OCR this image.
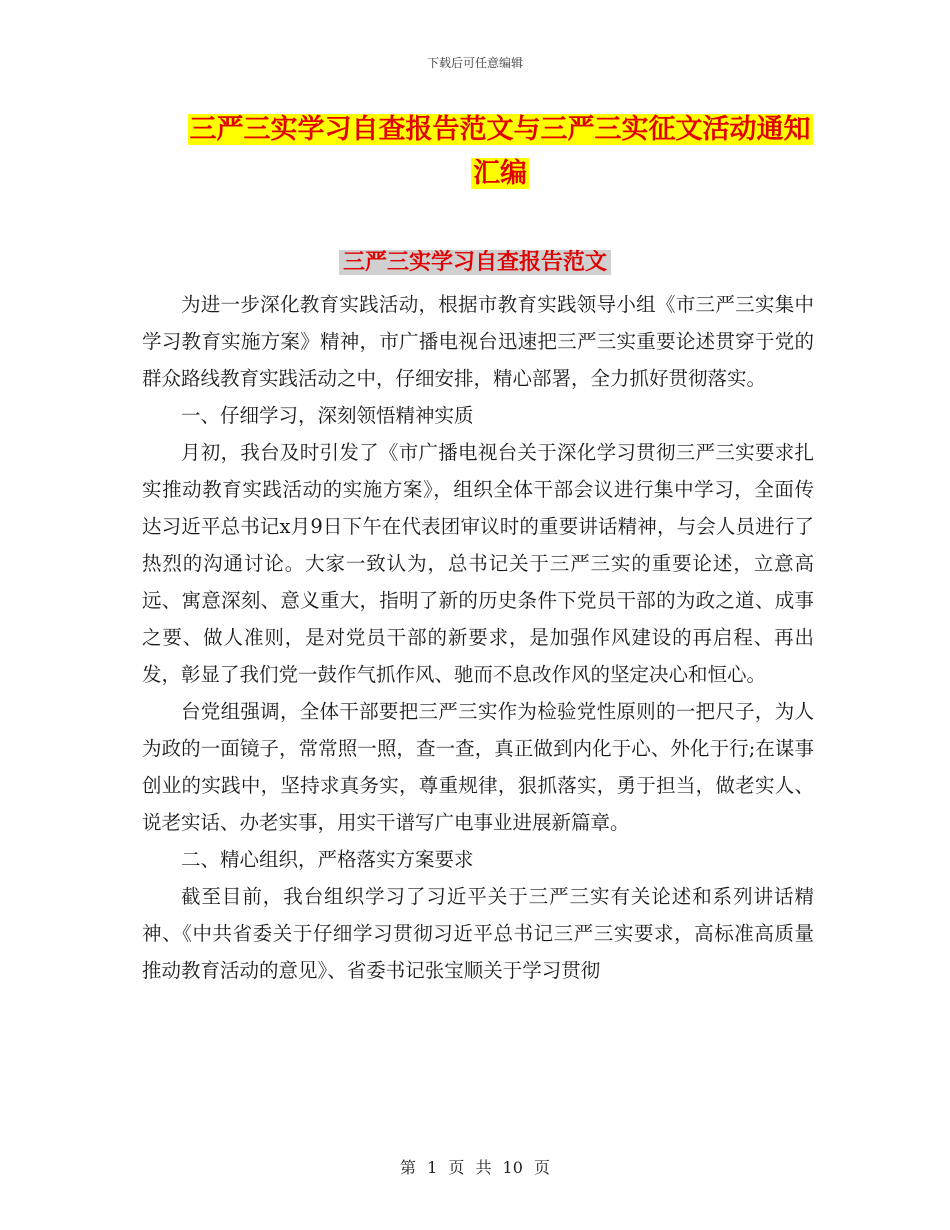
下载后可任意编辑
三严三实学习自查报告范文与三严三实征文活动通知
汇编
三严三实学习自查报告范文

为进一步深化教育实践活动，根据市教育实践领导小组《市三严三实集中学习教育实施方案》精神，市广播电视台迅速把三严三实重要论述贯穿于党的群众路线教育实践活动之中，仔细安排，精心部署，全力抓好贯彻落实。

一、仔细学习，深刻领悟精神实质

月初，我台及时引发了《市广播电视台关于深化学习贯彻三严三实要求扎实推动教育实践活动的实施方案》，组织全体干部会议进行集中学习，全面传达习近平总书记x月9日下午在代表团审议时的重要讲话精神，与会人员进行了热烈的沟通讨论。大家一致认为，总书记关于三严三实的重要论述，立意高远、寓意深刻、意义重大，指明了新的历史条件下党员干部的为政之道、成事之要、做人准则，是对党员干部的新要求，是加强作风建设的再启程、再出发，彰显了我们党一鼓作气抓作风、驰而不息改作风的坚定决心和恒心。

台党组强调，全体干部要把三严三实作为检验党性原则的一把尺子，为人为政的一面镜子，常常照一照，查一查，真正做到内化于心、外化于行;在谋事创业的实践中，坚持求真务实，尊重规律，狠抓落实，勇于担当，做老实人、说老实话、办老实事，用实干谱写广电事业进展新篇章。

二、精心组织，严格落实方案要求

截至目前，我台组织学习了习近平关于三严三实有关论述和系列讲话精神、《中共省委关于仔细学习贯彻习近平总书记三严三实要求，高标准高质量推动教育活动的意见》、省委书记张宝顺关于学习贯彻

第 1 页 共 10 页
